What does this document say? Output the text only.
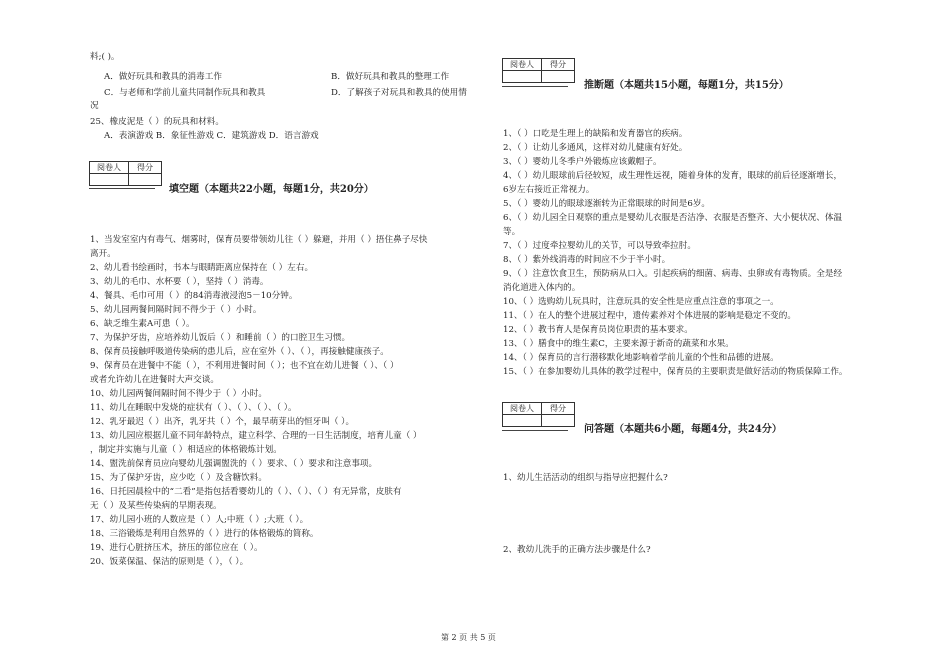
料;( )。
A．做好玩具和教具的消毒工作	B．做好玩具和教具的整理工作
C．与老师和学前儿童共同制作玩具和教具	D．了解孩子对玩具和教具的使用情
况
25、橡皮泥是（ ）的玩具和材料。
A．表演游戏 B．象征性游戏 C．建筑游戏 D．语言游戏
阅卷人	得分

填空题（本题共22小题，每题1分，共20分）
1、当发室室内有毒气、烟雾时，保育员要带领幼儿往（ ）躲避，并用（ ）捂住鼻子尽快
离开。
2、幼儿看书绘画时，书本与眼睛距离应保持在（ ）左右。
3、幼儿的毛巾、水杯要（ ），坚持（ ）消毒。
4、餐具、毛巾可用（ ）的84消毒液浸泡5－10分钟。
5、幼儿园两餐间隔时间不得少于（ ）小时。
6、缺乏维生素A可患（ ）。
7、为保护牙齿，应培养幼儿饭后（ ）和睡前（ ）的口腔卫生习惯。
8、保育员接触呼吸道传染病的患儿后，应在室外（ ）、（ ），再接触健康孩子。
9、保育员在进餐中不能（ ），不利用进餐时间（ ）；也不宜在幼儿进餐（ ）、（ ）
或者允许幼儿在进餐时大声交谈。
10、幼儿园两餐间隔时间不得少于（ ）小时。
11、幼儿在睡眠中发烧的症状有（ ）、（ ）、（ ）、（ ）。
12、乳牙最迟（ ）出齐，乳牙共（ ）个，最早萌芽出的恒牙叫（ ）。
13、幼儿园应根据儿童不同年龄特点，建立科学、合理的一日生活制度，培育儿童（ ）
，制定并实施与儿童（ ）相适应的体格锻炼计划。
14、盥洗前保育员应向婴幼儿强调盥洗的（ ）要求、（ ）要求和注意事项。
15、为了保护牙齿，应少吃（ ）及含糖饮料。
16、日托园晨检中的“二看”是指包括看婴幼儿的（ ）、（ ）、（ ）有无异常，皮肤有
无（ ）及某些传染病的早期表现。
17、幼儿园小班的人数应是（ ）人;中班（ ）;大班（ ）。
18、三浴锻炼是利用自然界的（ ）进行的体格锻炼的简称。
19、进行心脏挤压术，挤压的部位应在（ ）。
20、饭菜保温、保洁的原则是（ ），（ ）。
阅卷人	得分

推断题（本题共15小题，每题1分，共15分）
1、（ ）口吃是生理上的缺陷和发育器官的疾病。
2、（ ）让幼儿多通风，这样对幼儿健康有好处。
3、（ ）婴幼儿冬季户外锻炼应该戴帽子。
4、（ ）幼儿眼球前后径较短，成生理性远视，随着身体的发育，眼球的前后径逐渐增长，
6岁左右接近正常视力。
5、（ ）婴幼儿的眼球逐渐转为正常眼球的时间是6岁。
6、（ ）幼儿园全日观察的重点是婴幼儿衣服是否洁净、衣服是否整齐、大小便状况、体温
等。
7、（ ）过度牵拉婴幼儿的关节，可以导致牵拉肘。
8、（ ）紫外线消毒的时间应不少于半小时。
9、（ ）注意饮食卫生，预防病从口入。引起疾病的细菌、病毒、虫卵或有毒物质。全是经
消化道进入体内的。
10、（ ）选购幼儿玩具时，注意玩具的安全性是应重点注意的事项之一。
11、（ ）在人的整个进展过程中，遗传素养对个体进展的影响是稳定不变的。
12、（ ）教书育人是保育员岗位职责的基本要求。
13、（ ）膳食中的维生素C，主要来源于新奇的蔬菜和水果。
14、（ ）保育员的言行潜移默化地影响着学前儿童的个性和品德的进展。
15、（ ）在参加婴幼儿具体的教学过程中，保育员的主要职责是做好活动的物质保障工作。
阅卷人	得分

问答题（本题共6小题，每题4分，共24分）
1、幼儿生活活动的组织与指导应把握什么?
2、教幼儿洗手的正确方法步骤是什么?
第 2 页 共 5 页
